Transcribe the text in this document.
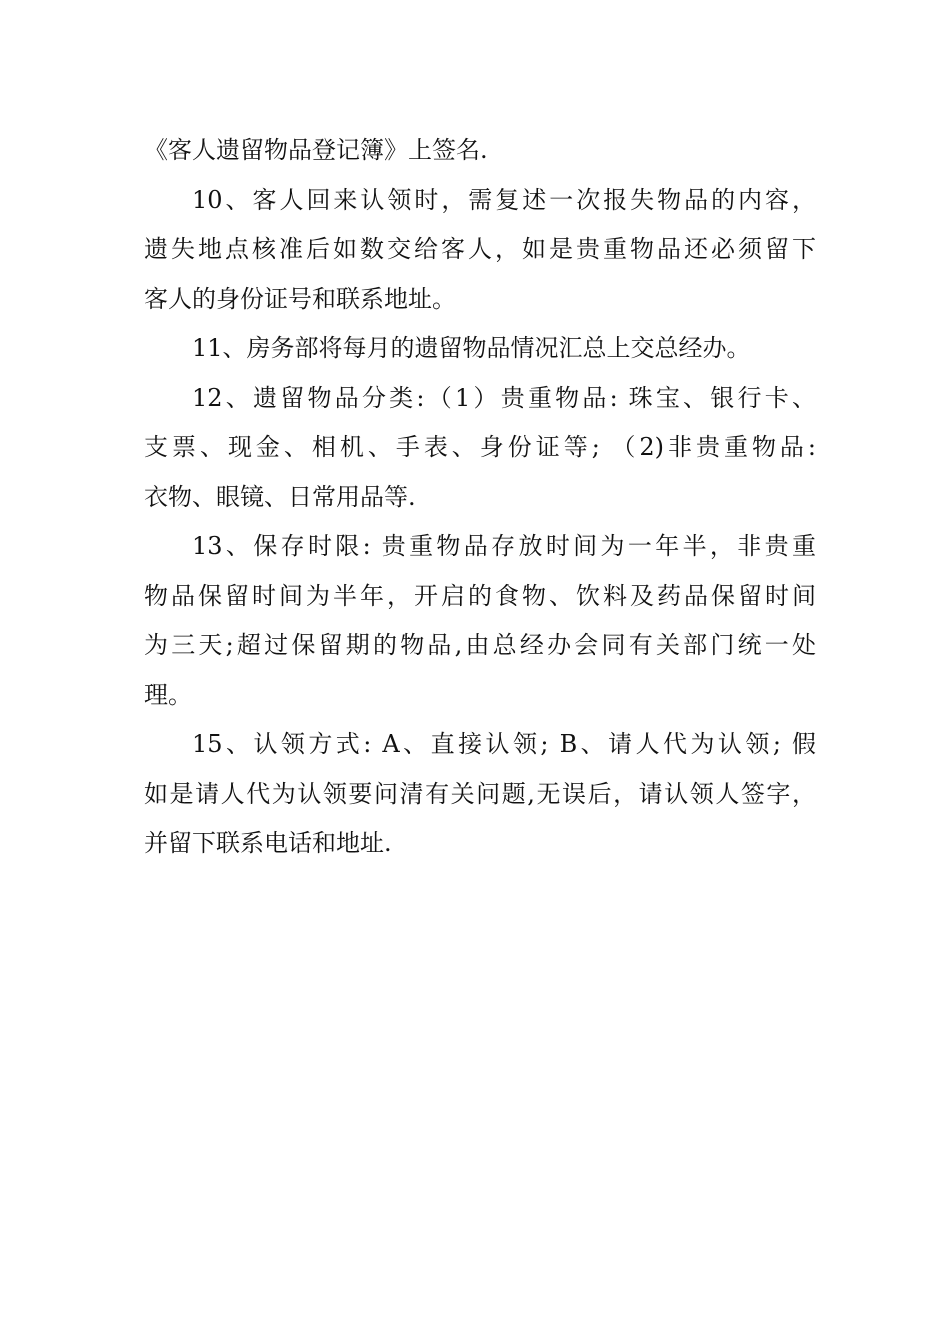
《客人遗留物品登记簿》上签名.
10、客人回来认领时，需复述一次报失物品的内容，
遗失地点核准后如数交给客人，如是贵重物品还必须留下
客人的身份证号和联系地址。
11、房务部将每月的遗留物品情况汇总上交总经办。
12、遗留物品分类:（1）贵重物品: 珠宝、银行卡、
支票、现金、相机、手表、身份证等; （2)非贵重物品:
衣物、眼镜、日常用品等.
13、保存时限: 贵重物品存放时间为一年半，非贵重
物品保留时间为半年，开启的食物、饮料及药品保留时间
为三天;超过保留期的物品,由总经办会同有关部门统一处
理。
15、认领方式: A、直接认领; B、请人代为认领; 假
如是请人代为认领要问清有关问题,无误后，请认领人签字，
并留下联系电话和地址.
